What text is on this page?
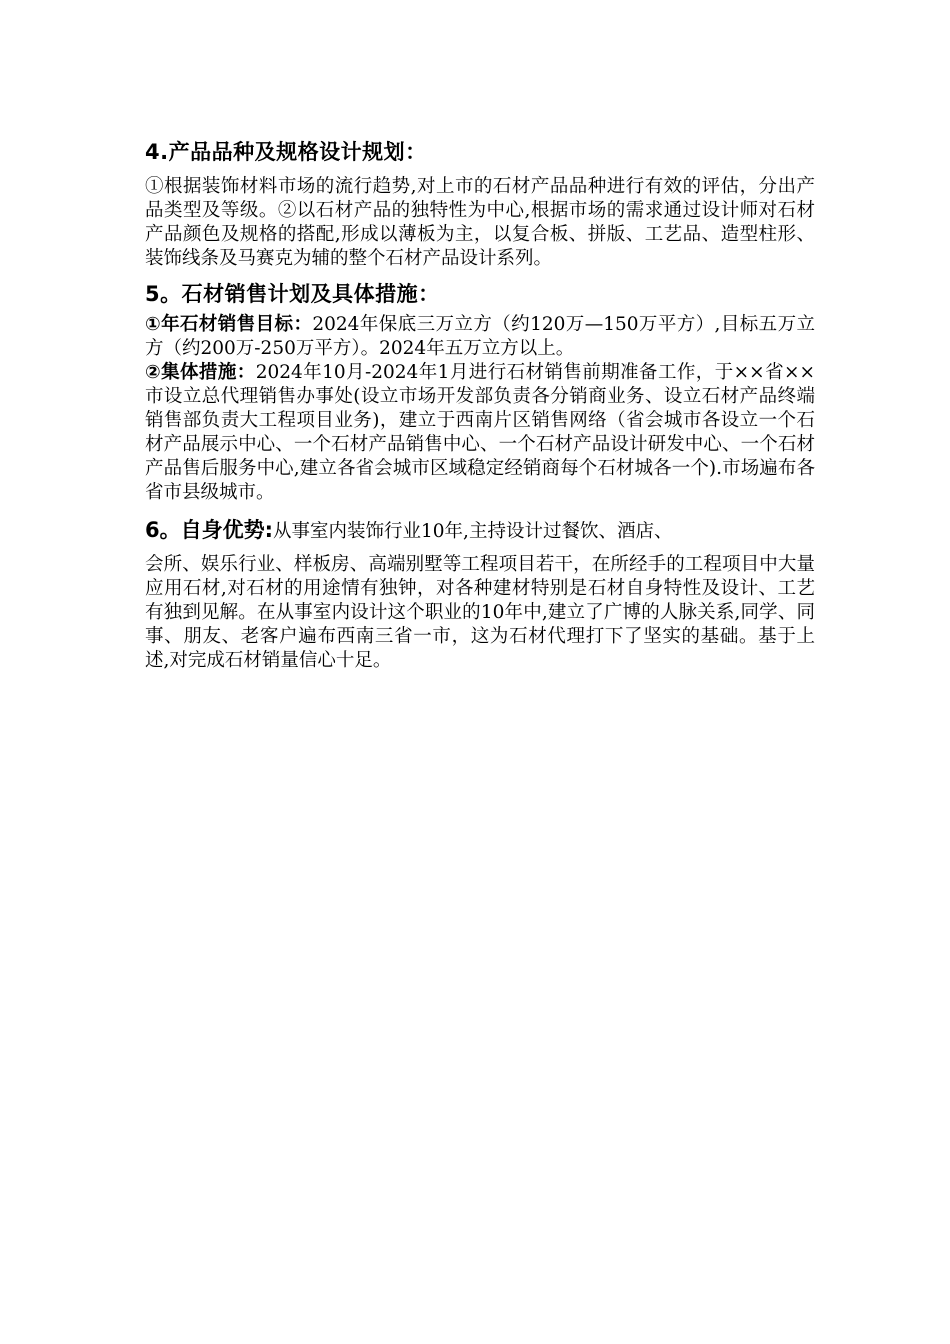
4.产品品种及规格设计规划：

①根据装饰材料市场的流行趋势,对上市的石材产品品种进行有效的评估，分出产品类型及等级。②以石材产品的独特性为中心,根据市场的需求通过设计师对石材产品颜色及规格的搭配,形成以薄板为主，以复合板、拼版、工艺品、造型柱形、装饰线条及马赛克为辅的整个石材产品设计系列。

5。石材销售计划及具体措施：

①年石材销售目标：2024年保底三万立方（约120万—150万平方）,目标五万立方（约200万-250万平方）。2024年五万立方以上。

②集体措施：2024年10月-2024年1月进行石材销售前期准备工作，于××省××市设立总代理销售办事处(设立市场开发部负责各分销商业务、设立石材产品终端销售部负责大工程项目业务)，建立于西南片区销售网络（省会城市各设立一个石材产品展示中心、一个石材产品销售中心、一个石材产品设计研发中心、一个石材产品售后服务中心,建立各省会城市区域稳定经销商每个石材城各一个).市场遍布各省市县级城市。

6。自身优势:从事室内装饰行业10年,主持设计过餐饮、酒店、

会所、娱乐行业、样板房、高端别墅等工程项目若干，在所经手的工程项目中大量应用石材,对石材的用途情有独钟，对各种建材特别是石材自身特性及设计、工艺有独到见解。在从事室内设计这个职业的10年中,建立了广博的人脉关系,同学、同事、朋友、老客户遍布西南三省一市，这为石材代理打下了坚实的基础。基于上述,对完成石材销量信心十足。
